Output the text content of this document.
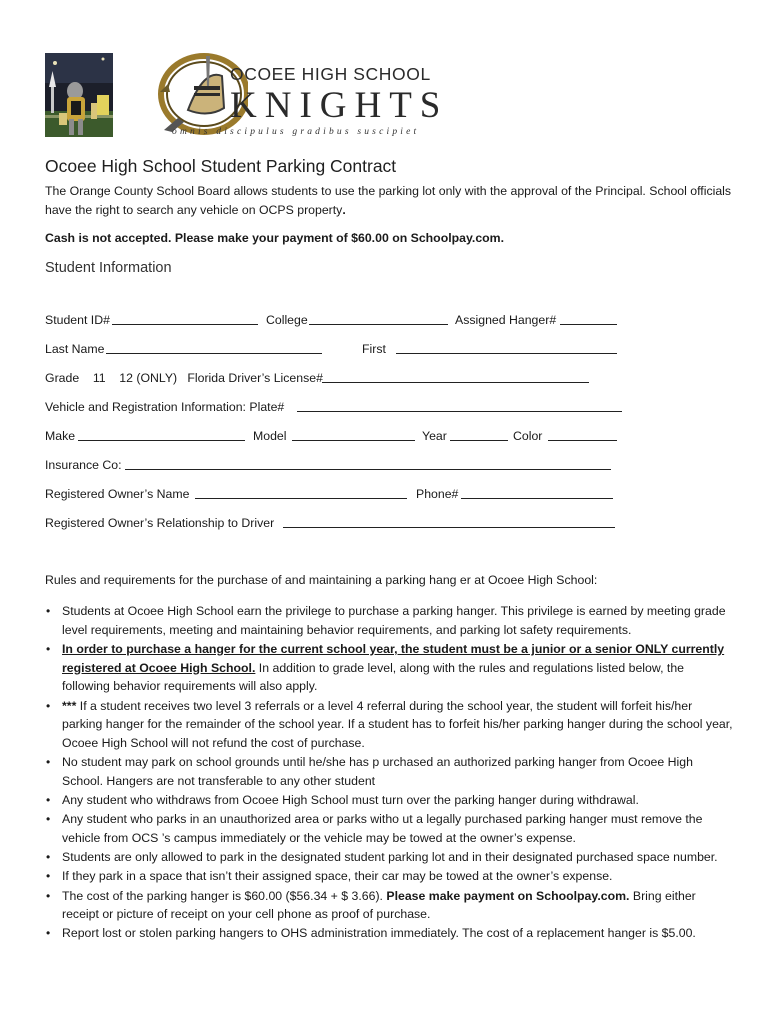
OCOEE HIGH SCHOOL
KNIGHTS
omnis discipulus gradibus suscipiet
Ocoee High School Student Parking Contract
The Orange County School Board allows students to use the parking lot only with the approval of the Principal. School officials have the right to search any vehicle on OCPS property.
Cash is not accepted. Please make your payment of $60.00 on Schoolpay.com.
Student Information
Student ID#	College	Assigned Hanger#
Last Name	First
Grade    11    12 (ONLY)   Florida Driver’s License#
Vehicle and Registration Information: Plate#
Make	Model	Year	Color
Insurance Co:
Registered Owner’s Name	Phone#
Registered Owner’s Relationship to Driver
Rules and requirements for the purchase of and maintaining a parking hang er at Ocoee High School:
• Students at Ocoee High School earn the privilege to purchase a parking hanger. This privilege is earned by meeting grade level requirements, meeting and maintaining behavior requirements, and parking lot safety requirements.
• In order to purchase a hanger for the current school year, the student must be a junior or a senior ONLY currently registered at Ocoee High School. In addition to grade level, along with the rules and regulations listed below, the following behavior requirements will also apply.
• *** If a student receives two level 3 referrals or a level 4 referral during the school year, the student will forfeit his/her parking hanger for the remainder of the school year. If a student has to forfeit his/her parking hanger during the school year, Ocoee High School will not refund the cost of purchase.
• No student may park on school grounds until he/she has p urchased an authorized parking hanger from Ocoee High School. Hangers are not transferable to any other student
• Any student who withdraws from Ocoee High School must turn over the parking hanger during withdrawal.
• Any student who parks in an unauthorized area or parks witho ut a legally purchased parking hanger must remove the vehicle from OCS ’s campus immediately or the vehicle may be towed at the owner’s expense.
• Students are only allowed to park in the designated student parking lot and in their designated purchased space number.
• If they park in a space that isn’t their assigned space, their car may be towed at the owner’s expense.
• The cost of the parking hanger is $60.00 ($56.34 + $ 3.66). Please make payment on Schoolpay.com. Bring either receipt or picture of receipt on your cell phone as proof of purchase.
• Report lost or stolen parking hangers to OHS administration immediately. The cost of a replacement hanger is $5.00.
